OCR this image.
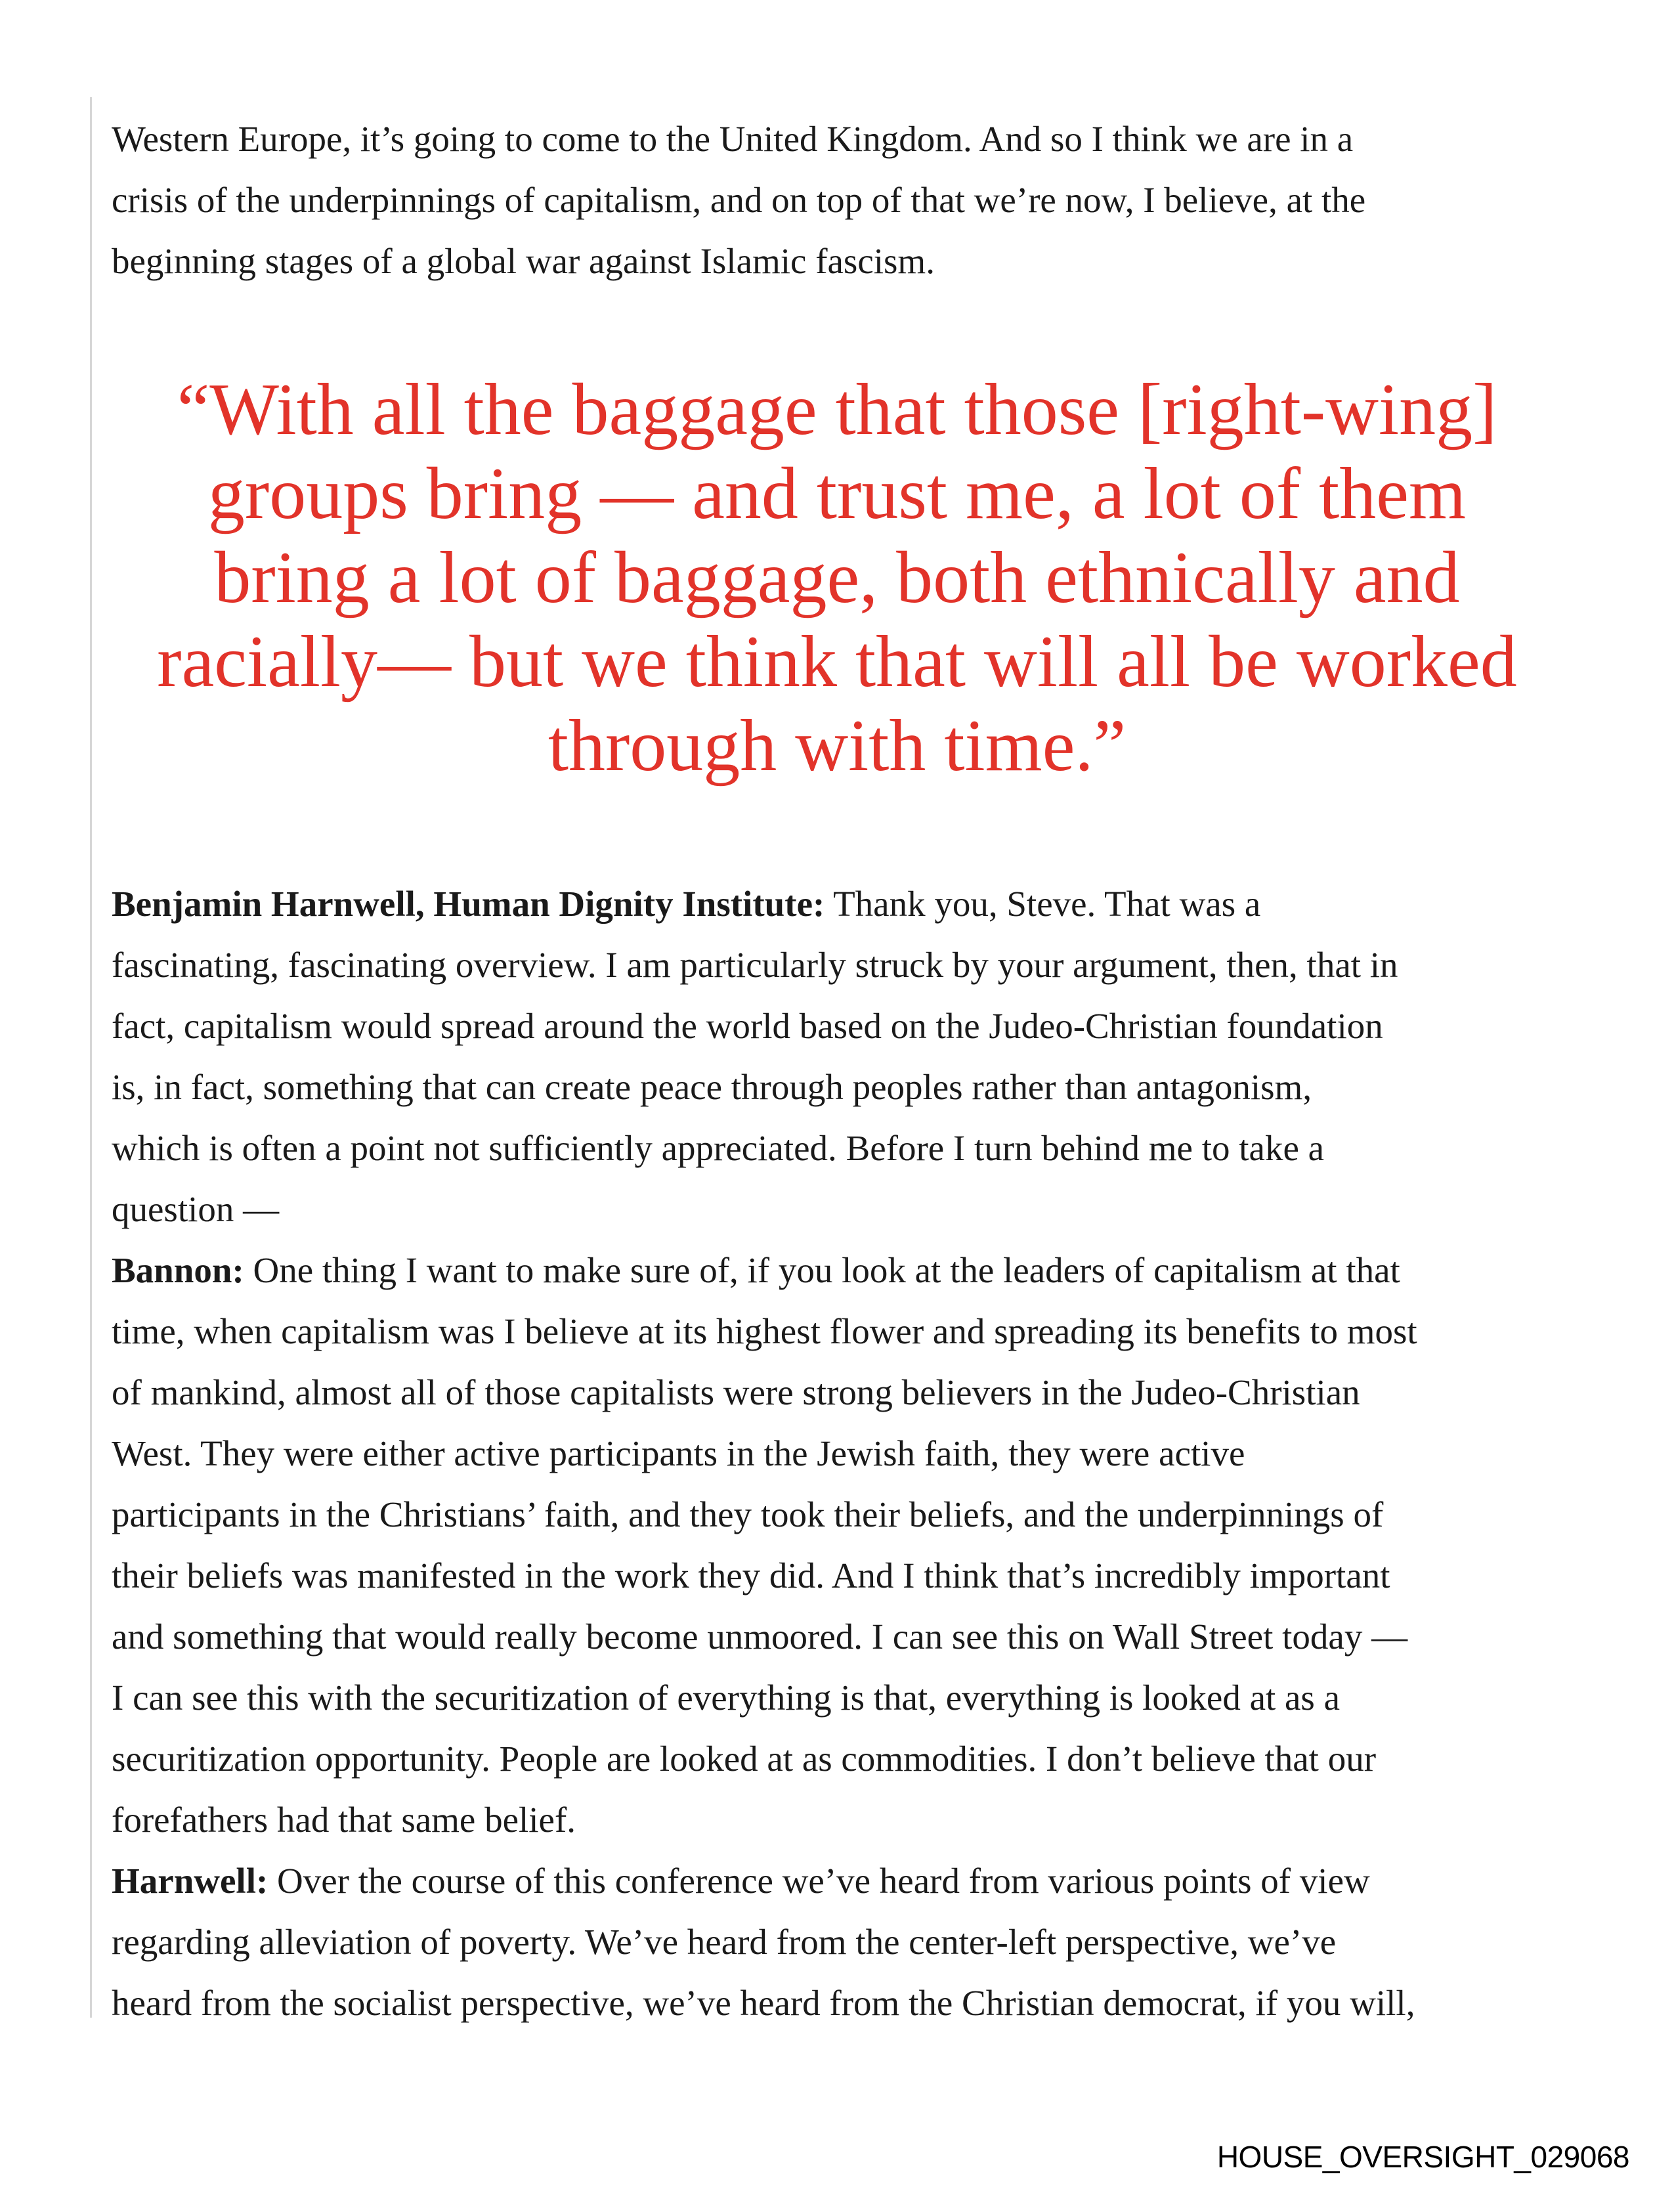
Western Europe, it’s going to come to the United Kingdom. And so I think we are in a
crisis of the underpinnings of capitalism, and on top of that we’re now, I believe, at the
beginning stages of a global war against Islamic fascism.
“With all the baggage that those [right-wing]
groups bring — and trust me, a lot of them
bring a lot of baggage, both ethnically and
racially— but we think that will all be worked
through with time.”
Benjamin Harnwell, Human Dignity Institute: Thank you, Steve. That was a
fascinating, fascinating overview. I am particularly struck by your argument, then, that in
fact, capitalism would spread around the world based on the Judeo-Christian foundation
is, in fact, something that can create peace through peoples rather than antagonism,
which is often a point not sufficiently appreciated. Before I turn behind me to take a
question —
Bannon: One thing I want to make sure of, if you look at the leaders of capitalism at that
time, when capitalism was I believe at its highest flower and spreading its benefits to most
of mankind, almost all of those capitalists were strong believers in the Judeo-Christian
West. They were either active participants in the Jewish faith, they were active
participants in the Christians’ faith, and they took their beliefs, and the underpinnings of
their beliefs was manifested in the work they did. And I think that’s incredibly important
and something that would really become unmoored. I can see this on Wall Street today —
I can see this with the securitization of everything is that, everything is looked at as a
securitization opportunity. People are looked at as commodities. I don’t believe that our
forefathers had that same belief.
Harnwell: Over the course of this conference we’ve heard from various points of view
regarding alleviation of poverty. We’ve heard from the center-left perspective, we’ve
heard from the socialist perspective, we’ve heard from the Christian democrat, if you will,
HOUSE_OVERSIGHT_029068
